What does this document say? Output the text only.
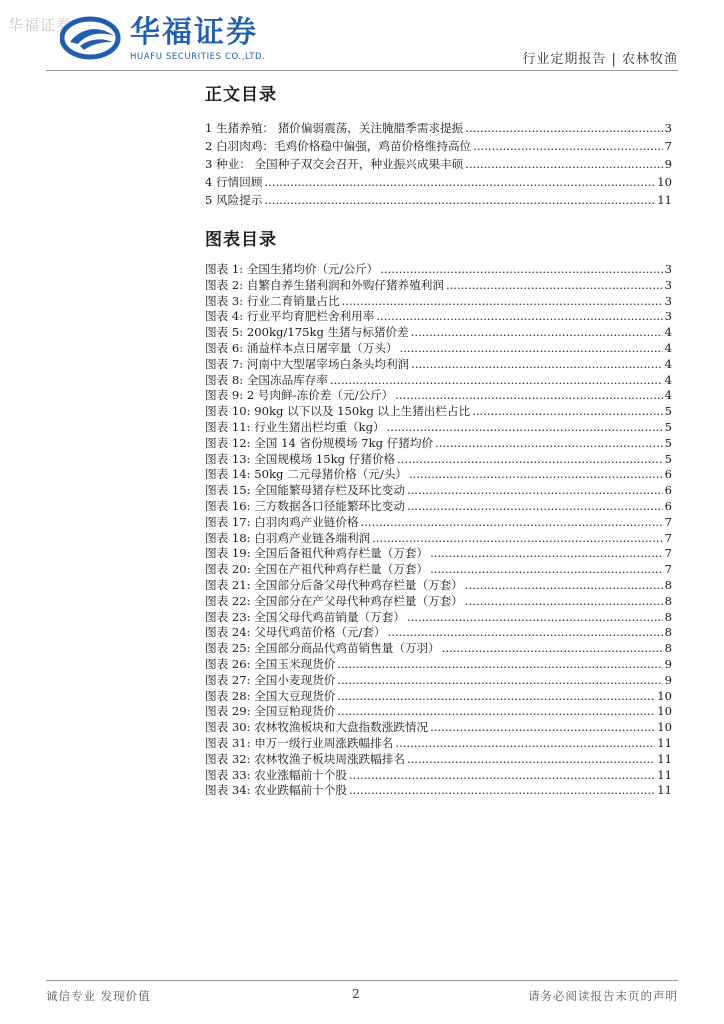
华福证券 华福证券
HUAFU SECURITIES CO.,LTD.	行业定期报告 | 农林牧渔
正文目录
1 生猪养殖： 猪价偏弱震荡，关注腌腊季需求提振 .....	3
2 白羽肉鸡：毛鸡价格稳中偏强，鸡苗价格维持高位 .....	7
3 种业： 全国种子双交会召开，种业振兴成果丰硕 .....	9
4 行情回顾 .....	10
5 风险提示 .....	11
图表目录
图表 1: 全国生猪均价（元/公斤） .....	3
图表 2: 自繁自养生猪利润和外购仔猪养殖利润 .....	3
图表 3: 行业二育销量占比 .....	3
图表 4: 行业平均育肥栏舍利用率 .....	3
图表 5: 200kg/175kg 生猪与标猪价差 .....	4
图表 6: 涌益样本点日屠宰量（万头） .....	4
图表 7: 河南中大型屠宰场白条头均利润 .....	4
图表 8: 全国冻品库存率 .....	4
图表 9: 2 号肉鲜-冻价差（元/公斤） .....	4
图表 10: 90kg 以下以及 150kg 以上生猪出栏占比 .....	5
图表 11: 行业生猪出栏均重（kg） .....	5
图表 12: 全国 14 省份规模场 7kg 仔猪均价 .....	5
图表 13: 全国规模场 15kg 仔猪价格 .....	5
图表 14: 50kg 二元母猪价格（元/头） .....	6
图表 15: 全国能繁母猪存栏及环比变动 .....	6
图表 16: 三方数据各口径能繁环比变动 .....	6
图表 17: 白羽肉鸡产业链价格 .....	7
图表 18: 白羽鸡产业链各端利润 .....	7
图表 19: 全国后备祖代种鸡存栏量（万套） .....	7
图表 20: 全国在产祖代种鸡存栏量（万套） .....	7
图表 21: 全国部分后备父母代种鸡存栏量（万套） .....	8
图表 22: 全国部分在产父母代种鸡存栏量（万套） .....	8
图表 23: 全国父母代鸡苗销量（万套） .....	8
图表 24: 父母代鸡苗价格（元/套） .....	8
图表 25: 全国部分商品代鸡苗销售量（万羽） .....	8
图表 26: 全国玉米现货价 .....	9
图表 27: 全国小麦现货价 .....	9
图表 28: 全国大豆现货价 .....	10
图表 29: 全国豆粕现货价 .....	10
图表 30: 农林牧渔板块和大盘指数涨跌情况 .....	10
图表 31: 申万一级行业周涨跌幅排名 .....	11
图表 32: 农林牧渔子板块周涨跌幅排名 .....	11
图表 33: 农业涨幅前十个股 .....	11
图表 34: 农业跌幅前十个股 .....	11
诚信专业 发现价值	2	请务必阅读报告末页的声明
